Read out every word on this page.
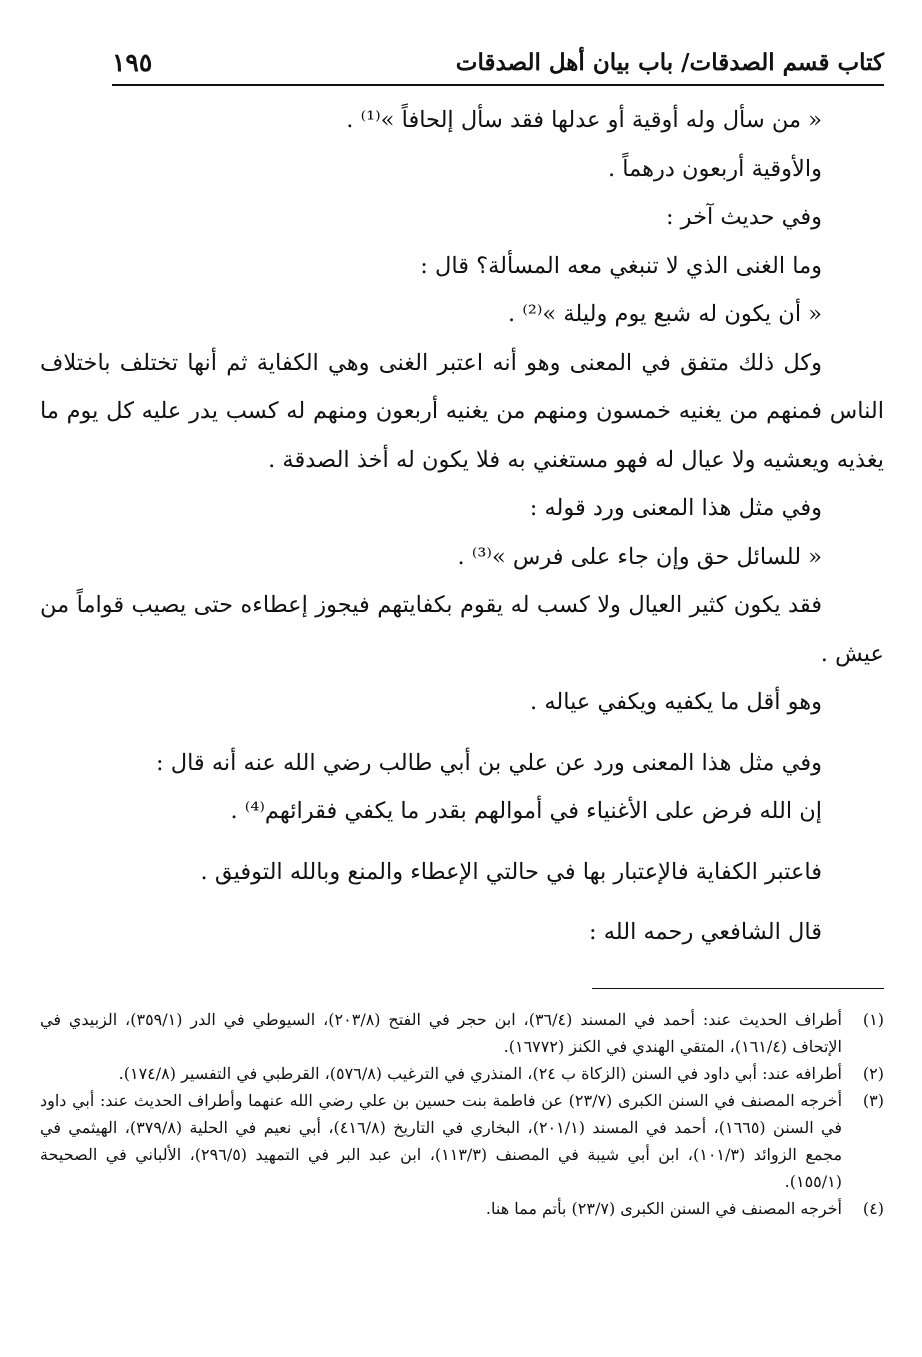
كتاب قسم الصدقات/ باب بيان أهل الصدقات
١٩٥

« من سأل وله أوقية أو عدلها فقد سأل إلحافاً »⁽¹⁾ .

والأوقية أربعون درهماً .

وفي حديث آخر :

وما الغنى الذي لا تنبغي معه المسألة؟ قال :

« أن يكون له شبع يوم وليلة »⁽²⁾ .

وكل ذلك متفق في المعنى وهو أنه اعتبر الغنى وهي الكفاية ثم أنها تختلف باختلاف الناس فمنهم من يغنيه خمسون ومنهم من يغنيه أربعون ومنهم له كسب يدر عليه كل يوم ما يغذيه ويعشيه ولا عيال له فهو مستغني به فلا يكون له أخذ الصدقة .

وفي مثل هذا المعنى ورد قوله :

« للسائل حق وإن جاء على فرس »⁽³⁾ .

فقد يكون كثير العيال ولا كسب له يقوم بكفايتهم فيجوز إعطاءه حتى يصيب قواماً من عيش .

وهو أقل ما يكفيه ويكفي عياله .

وفي مثل هذا المعنى ورد عن علي بن أبي طالب رضي الله عنه أنه قال :

إن الله فرض على الأغنياء في أموالهم بقدر ما يكفي فقرائهم⁽⁴⁾ .

فاعتبر الكفاية فالإعتبار بها في حالتي الإعطاء والمنع وبالله التوفيق .

قال الشافعي رحمه الله :

(١)
أطراف الحديث عند: أحمد في المسند (٣٦/٤)، ابن حجر في الفتح (٢٠٣/٨)، السيوطي في الدر (٣٥٩/١)، الزبيدي في الإتحاف (١٦١/٤)، المتقي الهندي في الكنز (١٦٧٧٢).
(٢)
أطرافه عند: أبي داود في السنن (الزكاة ب ٢٤)، المنذري في الترغيب (٥٧٦/٨)، القرطبي في التفسير (١٧٤/٨).
(٣)
أخرجه المصنف في السنن الكبرى (٢٣/٧) عن فاطمة بنت حسين بن علي رضي الله عنهما وأطراف الحديث عند: أبي داود في السنن (١٦٦٥)، أحمد في المسند (٢٠١/١)، البخاري في التاريخ (٤١٦/٨)، أبي نعيم في الحلية (٣٧٩/٨)، الهيثمي في مجمع الزوائد (١٠١/٣)، ابن أبي شيبة في المصنف (١١٣/٣)، ابن عبد البر في التمهيد (٢٩٦/٥)، الألباني في الصحيحة (١٥٥/١).
(٤)
أخرجه المصنف في السنن الكبرى (٢٣/٧) بأتم مما هنا.
